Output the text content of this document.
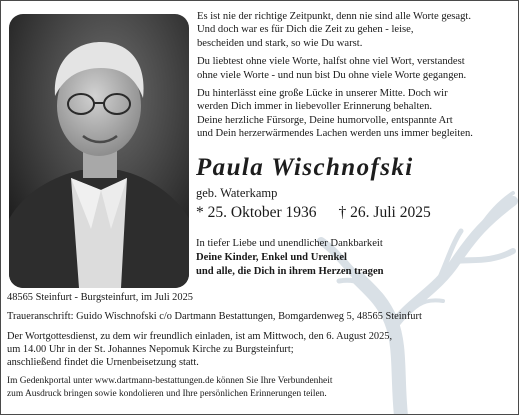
Es ist nie der richtige Zeitpunkt, denn nie sind alle Worte gesagt.
Und doch war es für Dich die Zeit zu gehen - leise,
bescheiden und stark, so wie Du warst.

Du liebtest ohne viele Worte, halfst ohne viel Wort, verstandest
ohne viele Worte - und nun bist Du ohne viele Worte gegangen.

Du hinterlässt eine große Lücke in unserer Mitte. Doch wir
werden Dich immer in liebevoller Erinnerung behalten.
Deine herzliche Fürsorge, Deine humorvolle, entspannte Art
und Dein herzerwärmendes Lachen werden uns immer begleiten.

Paula Wischnofski
geb. Waterkamp
* 25. Oktober 1936 † 26. Juli 2025
In tiefer Liebe und unendlicher Dankbarkeit
Deine Kinder, Enkel und Urenkel
und alle, die Dich in ihrem Herzen tragen

48565 Steinfurt - Burgsteinfurt, im Juli 2025

Traueranschrift: Guido Wischnofski c/o Dartmann Bestattungen, Bomgardenweg 5, 48565 Steinfurt

Der Wortgottesdienst, zu dem wir freundlich einladen, ist am Mittwoch, den 6. August 2025,
um 14.00 Uhr in der St. Johannes Nepomuk Kirche zu Burgsteinfurt;
anschließend findet die Urnenbeisetzung statt.

Im Gedenkportal unter www.dartmann-bestattungen.de können Sie Ihre Verbundenheit
zum Ausdruck bringen sowie kondolieren und Ihre persönlichen Erinnerungen teilen.
